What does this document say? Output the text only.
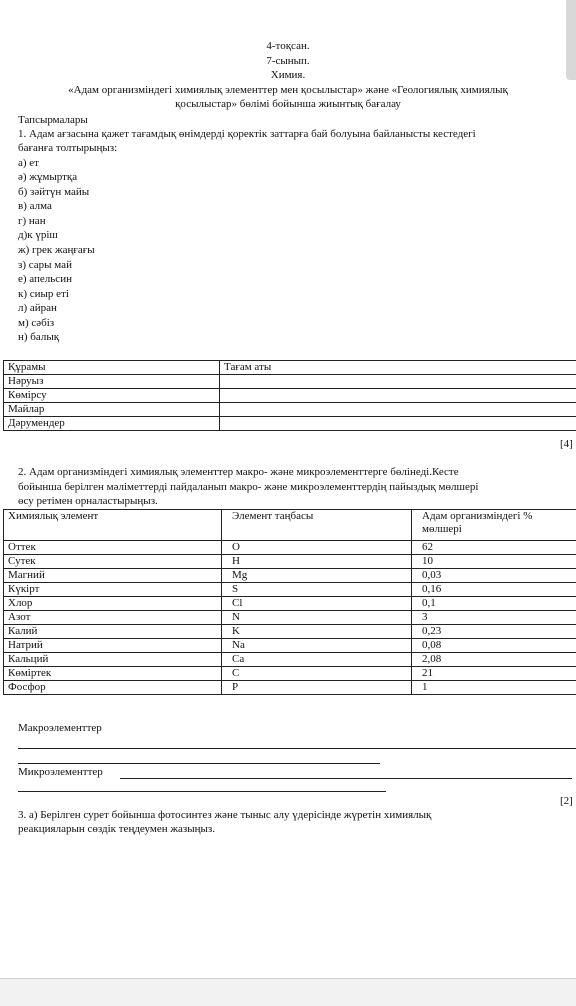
4-тоқсан.
7-сынып.
Химия.
«Адам организміндегі химиялық элементтер мен қосылыстар» және «Геологиялық химиялық
қосылыстар» бөлімі бойынша жиынтық бағалау
Тапсырмалары
1. Адам ағзасына қажет тағамдық өнімдерді қоректік заттарға бай болуына байланысты кестедегі
бағанға толтырыңыз:
а) ет
ә) жұмыртқа
б) зәйтүн майы
в) алма
г) нан
д)к үріш
ж) грек жаңғағы
з) сары май
е) апельсин
к) сиыр еті
л) айран
м) сәбіз
н) балық
Құрамы	Тағам аты
Нәруыз	
Көмірсу	
Майлар	
Дәрумендер	
[4]
2. Адам организміндегі химиялық элементтер макро- және микроэлементтерге бөлінеді.Кесте
бойынша берілген мәліметтерді пайдаланып макро- және микроэлементтердің пайыздық мөлшері
өсу ретімен орналастырыңыз.
Химиялық элемент	Элемент таңбасы	Адам организміндегі %
мөлшері

Оттек	O	62
Сутек	H	10
Магний	Mg	0,03
Күкірт	S	0,16
Хлор	Cl	0,1
Азот	N	3
Калий	K	0,23
Натрий	Na	0,08
Кальций	Ca	2,08
Көміртек	C	21
Фосфор	P	1
Макроэлементтер
Микроэлементтер
[2]
3. а) Берілген сурет бойынша фотосинтез және тыныс алу үдерісінде жүретін химиялық
реакцияларын сөздік теңдеумен жазыңыз.
